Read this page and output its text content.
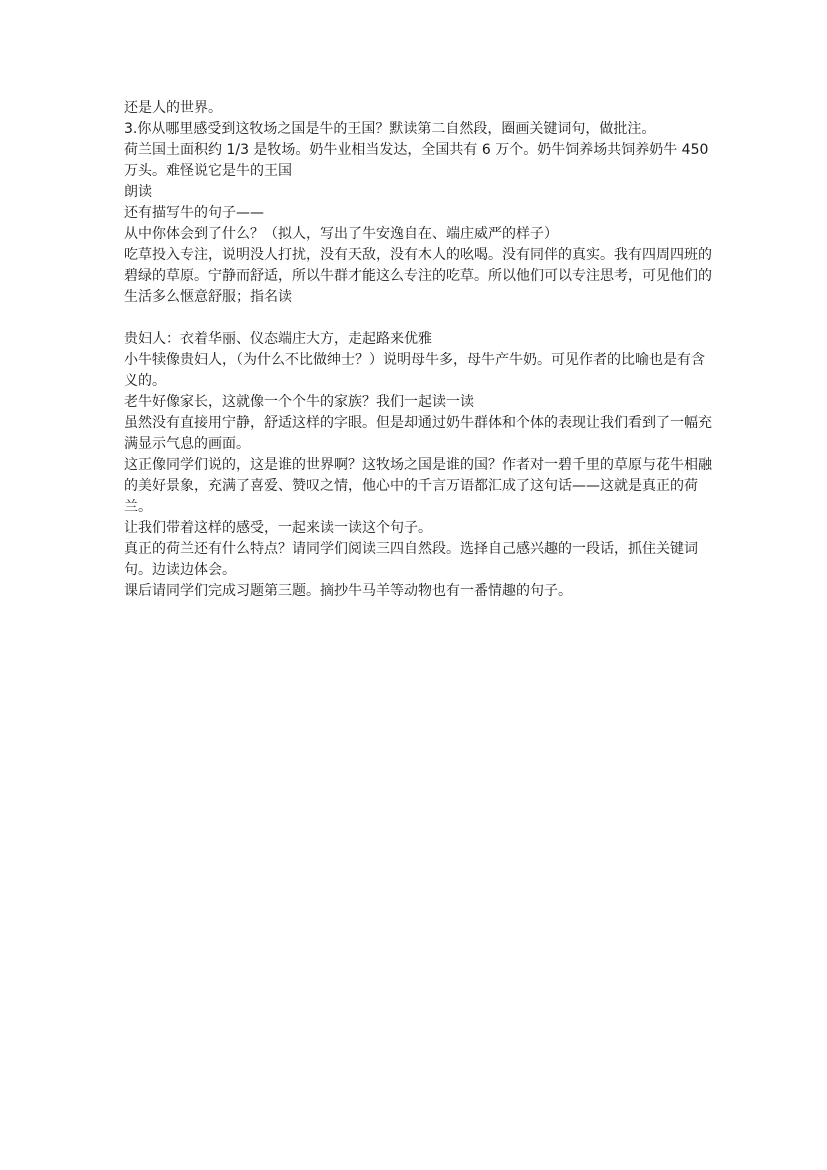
还是人的世界。

3.你从哪里感受到这牧场之国是牛的王国？默读第二自然段，圈画关键词句，做批注。

荷兰国土面积约 1/3 是牧场。奶牛业相当发达，全国共有 6 万个。奶牛饲养场共饲养奶牛 450 万头。难怪说它是牛的王国

朗读

还有描写牛的句子——

从中你体会到了什么？（拟人，写出了牛安逸自在、端庄威严的样子）

吃草投入专注，说明没人打扰，没有天敌，没有木人的吆喝。没有同伴的真实。我有四周四班的碧绿的草原。宁静而舒适，所以牛群才能这么专注的吃草。所以他们可以专注思考，可见他们的生活多么惬意舒服；指名读

贵妇人：衣着华丽、仪态端庄大方，走起路来优雅

小牛犊像贵妇人，（为什么不比做绅士？）说明母牛多，母牛产牛奶。可见作者的比喻也是有含义的。

老牛好像家长，这就像一个个牛的家族？我们一起读一读

虽然没有直接用宁静，舒适这样的字眼。但是却通过奶牛群体和个体的表现让我们看到了一幅充满显示气息的画面。

这正像同学们说的，这是谁的世界啊？这牧场之国是谁的国？作者对一碧千里的草原与花牛相融的美好景象，充满了喜爱、赞叹之情，他心中的千言万语都汇成了这句话——这就是真正的荷兰。

让我们带着这样的感受，一起来读一读这个句子。

真正的荷兰还有什么特点？请同学们阅读三四自然段。选择自己感兴趣的一段话，抓住关键词句。边读边体会。

课后请同学们完成习题第三题。摘抄牛马羊等动物也有一番情趣的句子。
